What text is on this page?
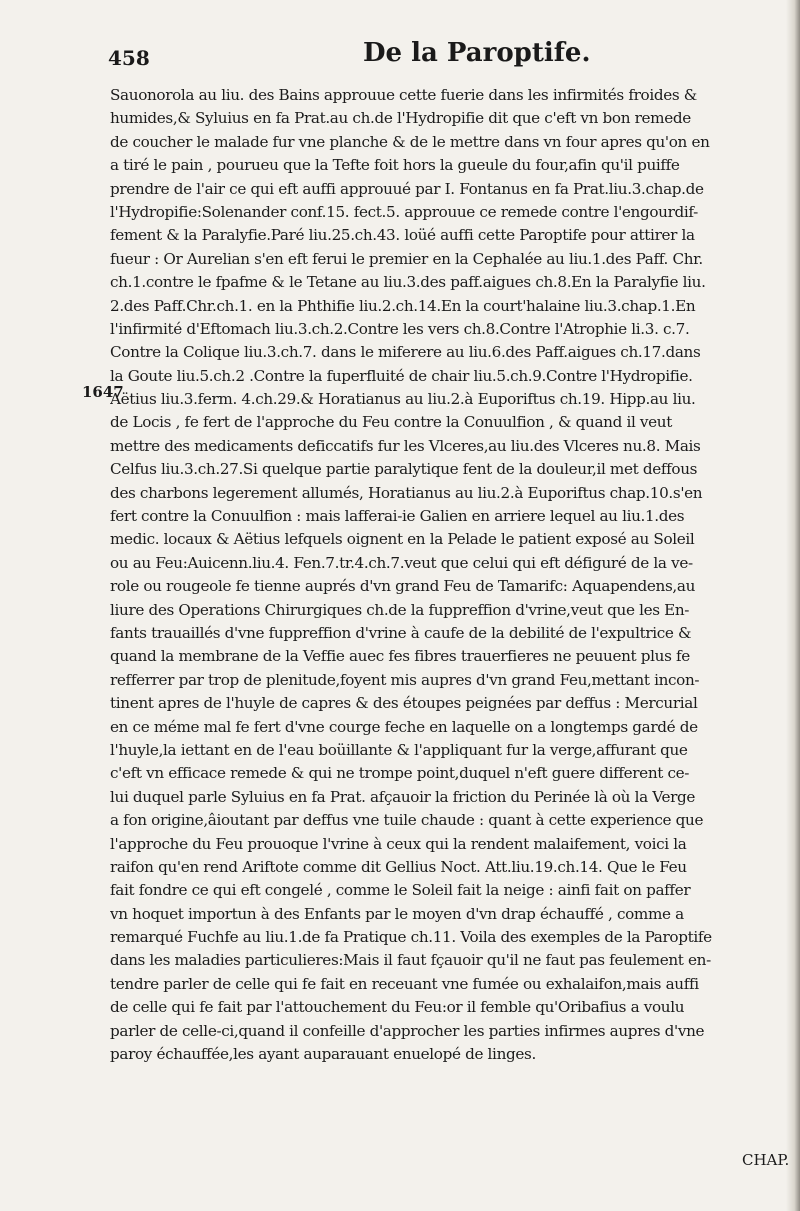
458	De la Paroptife.
1647
Sauonorola au liu. des Bains approuue cette fuerie dans les infirmités froides &
humides,& Syluius en fa Prat.au ch.de l'Hydropifie dit que c'eft vn bon remede
de coucher le malade fur vne planche & de le mettre dans vn four apres qu'on en
a tiré le pain , pourueu que la Tefte foit hors la gueule du four,afin qu'il puiffe
prendre de l'air ce qui eft auffi approuué par I. Fontanus en fa Prat.liu.3.chap.de
l'Hydropifie:Solenander conf.15. fect.5. approuue ce remede contre l'engourdif-
fement & la Paralyfie.Paré liu.25.ch.43. loüé auffi cette Paroptife pour attirer la
fueur : Or Aurelian s'en eft ferui le premier en la Cephalée au liu.1.des Paff. Chr.
ch.1.contre le fpafme & le Tetane au liu.3.des paff.aigues ch.8.En la Paralyfie liu.
2.des Paff.Chr.ch.1. en la Phthifie liu.2.ch.14.En la court'halaine liu.3.chap.1.En
l'infirmité d'Eftomach liu.3.ch.2.Contre les vers ch.8.Contre l'Atrophie li.3. c.7.
Contre la Colique liu.3.ch.7. dans le miferere au liu.6.des Paff.aigues ch.17.dans
la Goute liu.5.ch.2 .Contre la fuperfluité de chair liu.5.ch.9.Contre l'Hydropifie.
Aëtius liu.3.ferm. 4.ch.29.& Horatianus au liu.2.à Euporiftus ch.19. Hipp.au liu.
de Locis , fe fert de l'approche du Feu contre la Conuulfion , & quand il veut
mettre des medicaments deficcatifs fur les Vlceres,au liu.des Vlceres nu.8. Mais
Celfus liu.3.ch.27.Si quelque partie paralytique fent de la douleur,il met deffous
des charbons legerement allumés, Horatianus au liu.2.à Euporiftus chap.10.s'en
fert contre la Conuulfion : mais lafferai-ie Galien en arriere lequel au liu.1.des
medic. locaux & Aëtius lefquels oignent en la Pelade le patient exposé au Soleil
ou au Feu:Auicenn.liu.4. Fen.7.tr.4.ch.7.veut que celui qui eft défiguré de la ve-
role ou rougeole fe tienne auprés d'vn grand Feu de Tamarifc: Aquapendens,au
liure des Operations Chirurgiques ch.de la fuppreffion d'vrine,veut que les En-
fants trauaillés d'vne fuppreffion d'vrine à caufe de la debilité de l'expultrice &
quand la membrane de la Veffie auec fes fibres trauerfieres ne peuuent plus fe
refferrer par trop de plenitude,foyent mis aupres d'vn grand Feu,mettant incon-
tinent apres de l'huyle de capres & des étoupes peignées par deffus : Mercurial
en ce méme mal fe fert d'vne courge feche en laquelle on a longtemps gardé de
l'huyle,la iettant en de l'eau boüillante & l'appliquant fur la verge,affurant que
c'eft vn efficace remede & qui ne trompe point,duquel n'eft guere different ce-
lui duquel parle Syluius en fa Prat. afçauoir la friction du Perinée là où la Verge
a fon origine,âioutant par deffus vne tuile chaude : quant à cette experience que
l'approche du Feu prouoque l'vrine à ceux qui la rendent malaifement, voici la
raifon qu'en rend Ariftote comme dit Gellius Noct. Att.liu.19.ch.14. Que le Feu
fait fondre ce qui eft congelé , comme le Soleil fait la neige : ainfi fait on paffer
vn hoquet importun à des Enfants par le moyen d'vn drap échauffé , comme a
remarqué Fuchfe au liu.1.de fa Pratique ch.11. Voila des exemples de la Paroptife
dans les maladies particulieres:Mais il faut fçauoir qu'il ne faut pas feulement en-
tendre parler de celle qui fe fait en receuant vne fumée ou exhalaifon,mais auffi
de celle qui fe fait par l'attouchement du Feu:or il femble qu'Oribafius a voulu
parler de celle-ci,quand il confeille d'approcher les parties infirmes aupres d'vne
paroy échauffée,les ayant auparauant enuelopé de linges.
CHAP.
